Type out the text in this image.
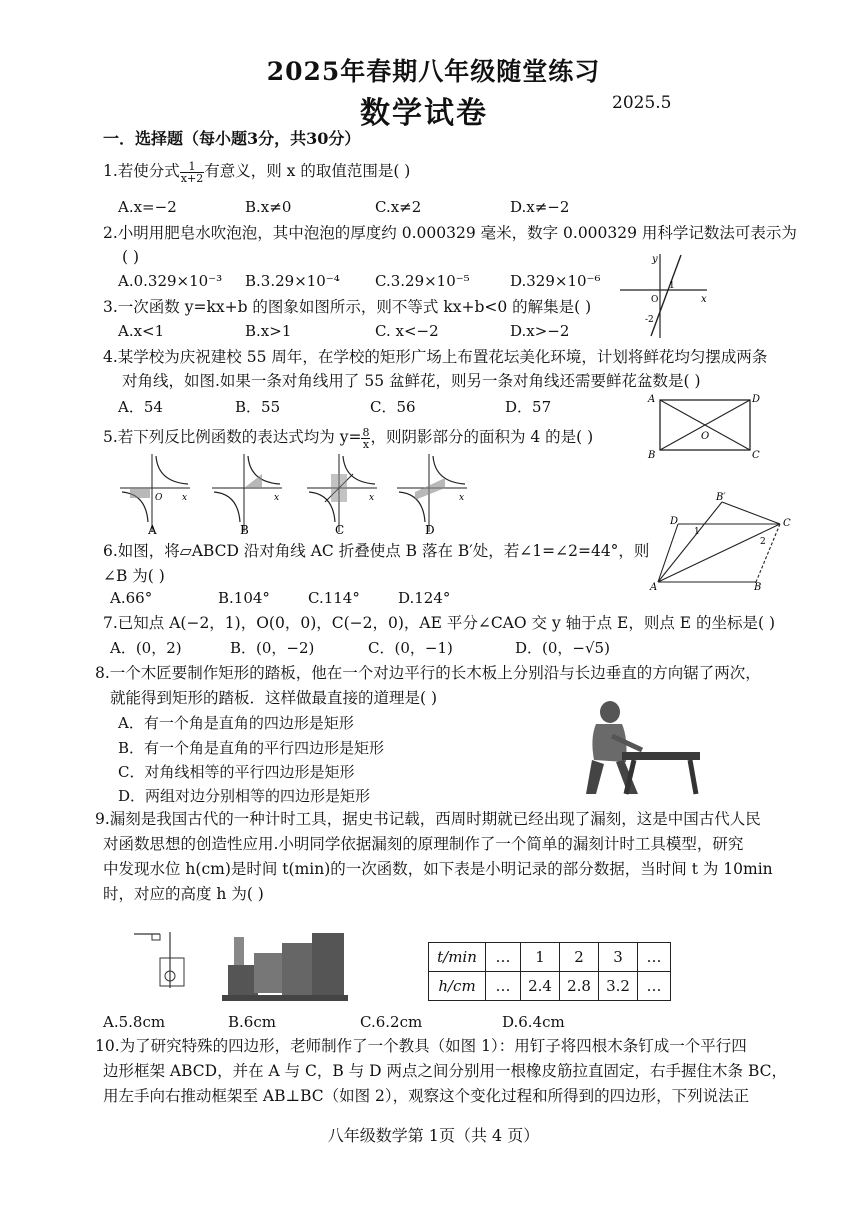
2025年春期八年级随堂练习
数学试卷	2025.5
一．选择题（每小题3分，共30分）
1.若使分式 $\frac{1}{x+2}$ 有意义，则 x 的取值范围是( )
A.x=−2	B.x≠0	C.x≠2	D.x≠−2
2.小明用肥皂水吹泡泡，其中泡泡的厚度约 0.000329 毫米，数字 0.000329 用科学记数法可表示为
( )
A.0.329×10⁻³ B.3.29×10⁻⁴ C.3.29×10⁻⁵	D.329×10⁻⁶
y
x
O
1
-2
3.一次函数 y=kx+b 的图象如图所示，则不等式 kx+b<0 的解集是( )
A.x<1	B.x>1	C. x<−2	D.x>−2
4.某学校为庆祝建校 55 周年，在学校的矩形广场上布置花坛美化环境，计划将鲜花均匀摆成两条
对角线，如图.如果一条对角线用了 55 盆鲜花，则另一条对角线还需要鲜花盆数是( )
A．54	B．55	C．56	D．57	A	D
B	C
O
5.若下列反比例函数的表达式均为 $y= \frac{8}{x}$ ，则阴影部分的面积为 4 的是( )
O x
A
x
B
x
C
x
D
B′
D	C
A	B
1
2
6.如图，将▱ABCD 沿对角线 AC 折叠使点 B 落在 B′处，若∠1=∠2=44°，则
∠B 为( )
A.66°	B.104°	C.114°	D.124°
7.已知点 A(−2，1)，O(0，0)，C(−2，0)，AE 平分∠CAO 交 y 轴于点 E，则点 E 的坐标是( )
A．(0，2)	B．(0，−2)	C．(0，−1)	D．(0，−√5)
8.一个木匠要制作矩形的踏板，他在一个对边平行的长木板上分别沿与长边垂直的方向锯了两次，
就能得到矩形的踏板．这样做最直接的道理是( )
A．有一个角是直角的四边形是矩形
B．有一个角是直角的平行四边形是矩形
C．对角线相等的平行四边形是矩形
D．两组对边分别相等的四边形是矩形
9.漏刻是我国古代的一种计时工具，据史书记载，西周时期就已经出现了漏刻，这是中国古代人民
对函数思想的创造性应用.小明同学依据漏刻的原理制作了一个简单的漏刻计时工具模型，研究
中发现水位 h(cm)是时间 t(min)的一次函数，如下表是小明记录的部分数据，当时间 t 为 10min
时，对应的高度 h 为( )
t/min	…	1	2	3	…
h/cm	…	2.4	2.8	3.2	…
A.5.8cm	B.6cm	C.6.2cm	D.6.4cm
10.为了研究特殊的四边形，老师制作了一个教具（如图 1）：用钉子将四根木条钉成一个平行四
边形框架 ABCD，并在 A 与 C，B 与 D 两点之间分别用一根橡皮筋拉直固定，右手握住木条 BC，
用左手向右推动框架至 AB⊥BC（如图 2），观察这个变化过程和所得到的四边形，下列说法正
八年级数学第 1页（共 4 页）
